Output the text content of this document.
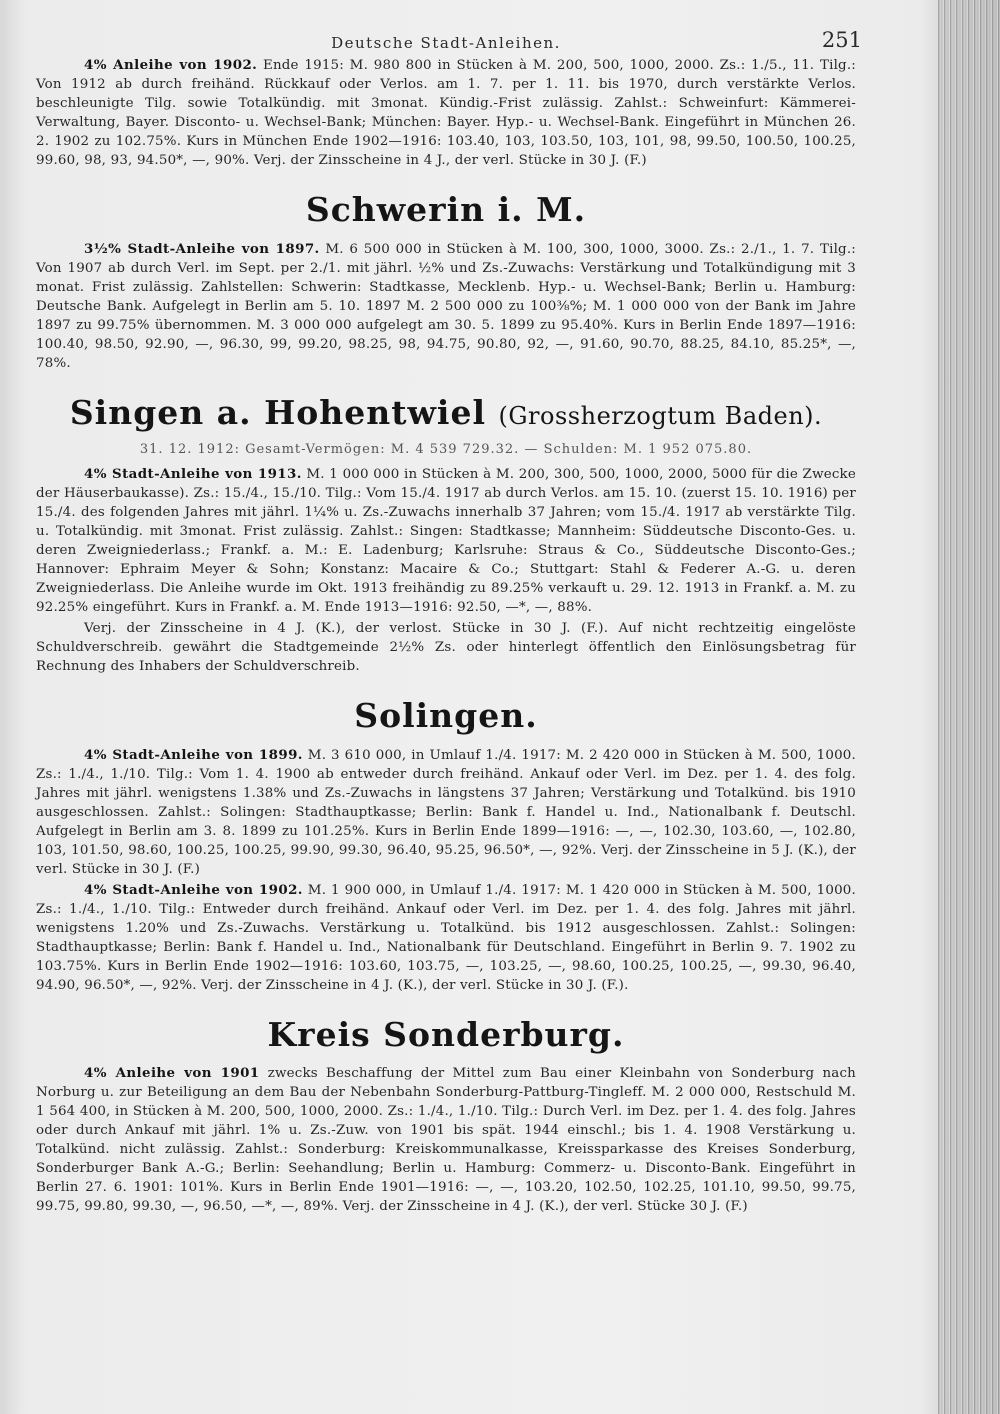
Deutsche Stadt-Anleihen.	251

4% Anleihe von 1902. Ende 1915: M. 980 800 in Stücken à M. 200, 500, 1000, 2000. Zs.: 1./5., 11. Tilg.: Von 1912 ab durch freihänd. Rückkauf oder Verlos. am 1. 7. per 1. 11. bis 1970, durch verstärkte Verlos. beschleunigte Tilg. sowie Totalkündig. mit 3monat. Kündig.-Frist zulässig. Zahlst.: Schweinfurt: Kämmerei-Verwaltung, Bayer. Disconto- u. Wechsel-Bank; München: Bayer. Hyp.- u. Wechsel-Bank. Eingeführt in München 26. 2. 1902 zu 102.75%. Kurs in München Ende 1902—1916: 103.40, 103, 103.50, 103, 101, 98, 99.50, 100.50, 100.25, 99.60, 98, 93, 94.50*, —, 90%. Verj. der Zinsscheine in 4 J., der verl. Stücke in 30 J. (F.)

Schwerin i. M.

3½% Stadt-Anleihe von 1897. M. 6 500 000 in Stücken à M. 100, 300, 1000, 3000. Zs.: 2./1., 1. 7. Tilg.: Von 1907 ab durch Verl. im Sept. per 2./1. mit jährl. ½% und Zs.-Zuwachs: Verstärkung und Totalkündigung mit 3 monat. Frist zulässig. Zahlstellen: Schwerin: Stadtkasse, Mecklenb. Hyp.- u. Wechsel-Bank; Berlin u. Hamburg: Deutsche Bank. Aufgelegt in Berlin am 5. 10. 1897 M. 2 500 000 zu 100⅜%; M. 1 000 000 von der Bank im Jahre 1897 zu 99.75% übernommen. M. 3 000 000 aufgelegt am 30. 5. 1899 zu 95.40%. Kurs in Berlin Ende 1897—1916: 100.40, 98.50, 92.90, —, 96.30, 99, 99.20, 98.25, 98, 94.75, 90.80, 92, —, 91.60, 90.70, 88.25, 84.10, 85.25*, —, 78%.

Singen a. Hohentwiel (Grossherzogtum Baden).
31. 12. 1912: Gesamt-Vermögen: M. 4 539 729.32. — Schulden: M. 1 952 075.80.

4% Stadt-Anleihe von 1913. M. 1 000 000 in Stücken à M. 200, 300, 500, 1000, 2000, 5000 für die Zwecke der Häuserbaukasse). Zs.: 15./4., 15./10. Tilg.: Vom 15./4. 1917 ab durch Verlos. am 15. 10. (zuerst 15. 10. 1916) per 15./4. des folgenden Jahres mit jährl. 1¼% u. Zs.-Zuwachs innerhalb 37 Jahren; vom 15./4. 1917 ab verstärkte Tilg. u. Totalkündig. mit 3monat. Frist zulässig. Zahlst.: Singen: Stadtkasse; Mannheim: Süddeutsche Disconto-Ges. u. deren Zweigniederlass.; Frankf. a. M.: E. Ladenburg; Karlsruhe: Straus & Co., Süddeutsche Disconto-Ges.; Hannover: Ephraim Meyer & Sohn; Konstanz: Macaire & Co.; Stuttgart: Stahl & Federer A.-G. u. deren Zweigniederlass. Die Anleihe wurde im Okt. 1913 freihändig zu 89.25% verkauft u. 29. 12. 1913 in Frankf. a. M. zu 92.25% eingeführt. Kurs in Frankf. a. M. Ende 1913—1916: 92.50, —*, —, 88%.

Verj. der Zinsscheine in 4 J. (K.), der verlost. Stücke in 30 J. (F.). Auf nicht rechtzeitig eingelöste Schuldverschreib. gewährt die Stadtgemeinde 2½% Zs. oder hinterlegt öffentlich den Einlösungsbetrag für Rechnung des Inhabers der Schuldverschreib.

Solingen.

4% Stadt-Anleihe von 1899. M. 3 610 000, in Umlauf 1./4. 1917: M. 2 420 000 in Stücken à M. 500, 1000. Zs.: 1./4., 1./10. Tilg.: Vom 1. 4. 1900 ab entweder durch freihänd. Ankauf oder Verl. im Dez. per 1. 4. des folg. Jahres mit jährl. wenigstens 1.38% und Zs.-Zuwachs in längstens 37 Jahren; Verstärkung und Totalkünd. bis 1910 ausgeschlossen. Zahlst.: Solingen: Stadthauptkasse; Berlin: Bank f. Handel u. Ind., Nationalbank f. Deutschl. Aufgelegt in Berlin am 3. 8. 1899 zu 101.25%. Kurs in Berlin Ende 1899—1916: —, —, 102.30, 103.60, —, 102.80, 103, 101.50, 98.60, 100.25, 100.25, 99.90, 99.30, 96.40, 95.25, 96.50*, —, 92%. Verj. der Zinsscheine in 5 J. (K.), der verl. Stücke in 30 J. (F.)

4% Stadt-Anleihe von 1902. M. 1 900 000, in Umlauf 1./4. 1917: M. 1 420 000 in Stücken à M. 500, 1000. Zs.: 1./4., 1./10. Tilg.: Entweder durch freihänd. Ankauf oder Verl. im Dez. per 1. 4. des folg. Jahres mit jährl. wenigstens 1.20% und Zs.-Zuwachs. Verstärkung u. Totalkünd. bis 1912 ausgeschlossen. Zahlst.: Solingen: Stadthauptkasse; Berlin: Bank f. Handel u. Ind., Nationalbank für Deutschland. Eingeführt in Berlin 9. 7. 1902 zu 103.75%. Kurs in Berlin Ende 1902—1916: 103.60, 103.75, —, 103.25, —, 98.60, 100.25, 100.25, —, 99.30, 96.40, 94.90, 96.50*, —, 92%. Verj. der Zinsscheine in 4 J. (K.), der verl. Stücke in 30 J. (F.).

Kreis Sonderburg.

4% Anleihe von 1901 zwecks Beschaffung der Mittel zum Bau einer Kleinbahn von Sonderburg nach Norburg u. zur Beteiligung an dem Bau der Nebenbahn Sonderburg-Pattburg-Tingleff. M. 2 000 000, Restschuld M. 1 564 400, in Stücken à M. 200, 500, 1000, 2000. Zs.: 1./4., 1./10. Tilg.: Durch Verl. im Dez. per 1. 4. des folg. Jahres oder durch Ankauf mit jährl. 1% u. Zs.-Zuw. von 1901 bis spät. 1944 einschl.; bis 1. 4. 1908 Verstärkung u. Totalkünd. nicht zulässig. Zahlst.: Sonderburg: Kreiskommunalkasse, Kreissparkasse des Kreises Sonderburg, Sonderburger Bank A.-G.; Berlin: Seehandlung; Berlin u. Hamburg: Commerz- u. Disconto-Bank. Eingeführt in Berlin 27. 6. 1901: 101%. Kurs in Berlin Ende 1901—1916: —, —, 103.20, 102.50, 102.25, 101.10, 99.50, 99.75, 99.75, 99.80, 99.30, —, 96.50, —*, —, 89%. Verj. der Zinsscheine in 4 J. (K.), der verl. Stücke 30 J. (F.)
